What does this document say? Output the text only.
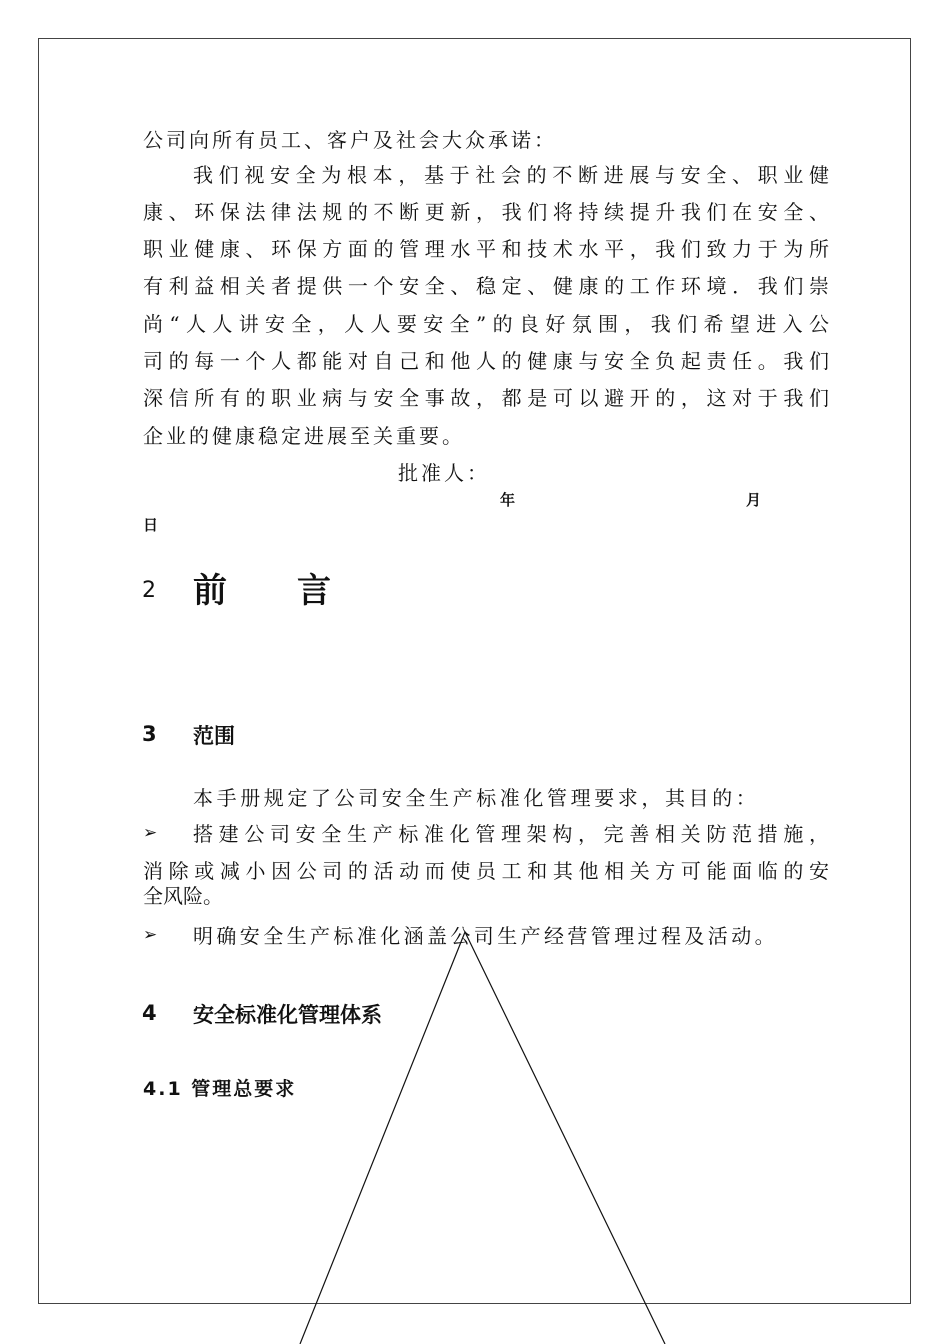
公司向所有员工、客户及社会大众承诺：
我们视安全为根本，基于社会的不断进展与安全、职业健
康、环保法律法规的不断更新，我们将持续提升我们在安全、
职业健康、环保方面的管理水平和技术水平，我们致力于为所
有利益相关者提供一个安全、稳定、健康的工作环境．我们崇
尚“人人讲安全，人人要安全”的良好氛围，我们希望进入公
司的每一个人都能对自己和他人的健康与安全负起责任。我们
深信所有的职业病与安全事故，都是可以避开的，这对于我们
企业的健康稳定进展至关重要。
批准人：
年	月
日
2 前言
3 范围
本手册规定了公司安全生产标准化管理要求，其目的：
➢ 搭建公司安全生产标准化管理架构，完善相关防范措施，
消除或减小因公司的活动而使员工和其他相关方可能面临的安
全风险。
➢ 明确安全生产标准化涵盖公司生产经营管理过程及活动。
4 安全标准化管理体系
4.1 管理总要求
